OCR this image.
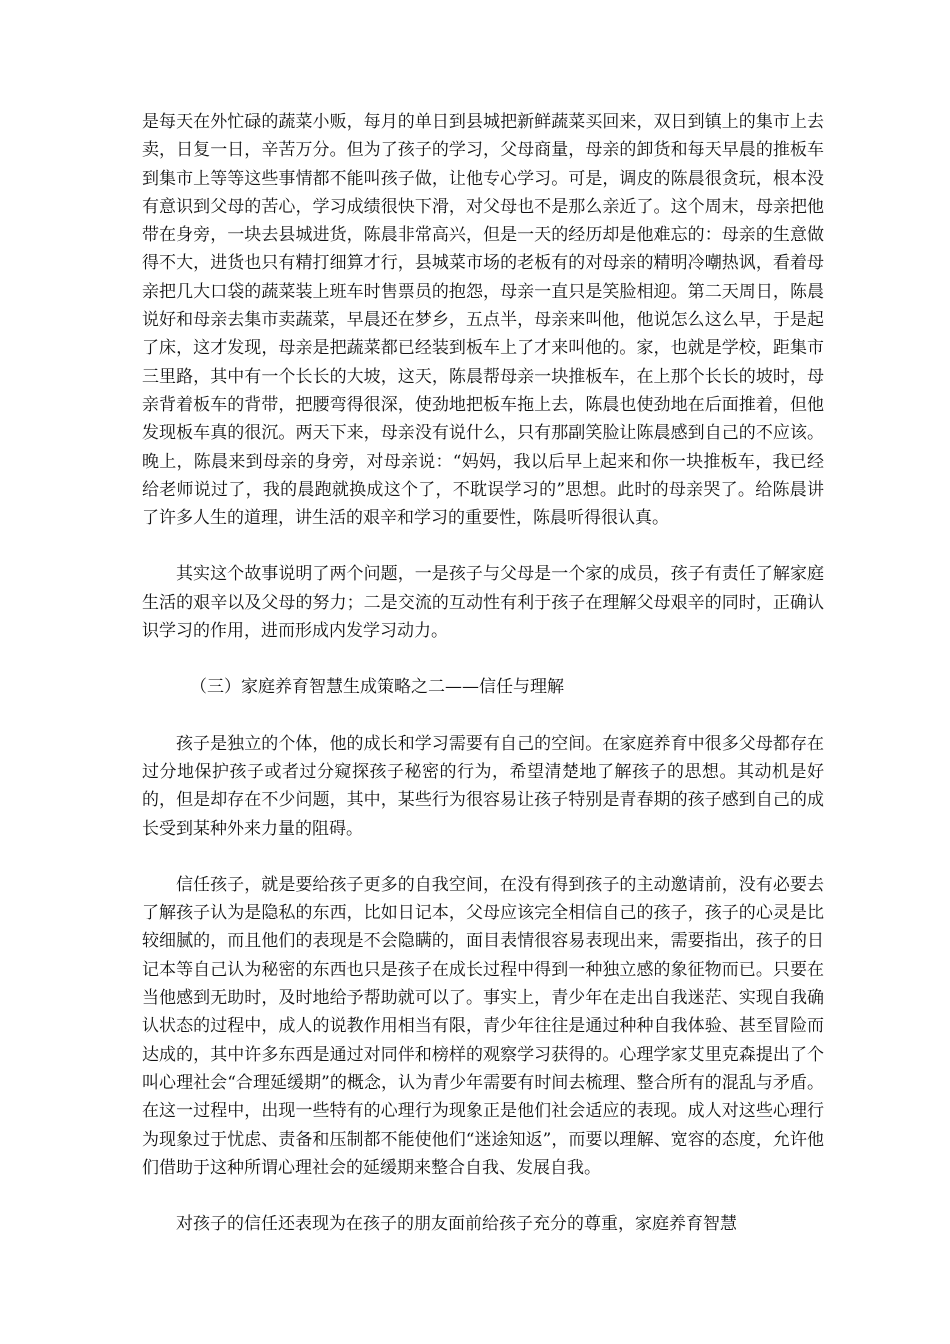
是每天在外忙碌的蔬菜小贩，每月的单日到县城把新鲜蔬菜买回来，双日到镇上的集市上去卖，日复一日，辛苦万分。但为了孩子的学习，父母商量，母亲的卸货和每天早晨的推板车到集市上等等这些事情都不能叫孩子做，让他专心学习。可是，调皮的陈晨很贪玩，根本没有意识到父母的苦心，学习成绩很快下滑，对父母也不是那么亲近了。这个周末，母亲把他带在身旁，一块去县城进货，陈晨非常高兴，但是一天的经历却是他难忘的：母亲的生意做得不大，进货也只有精打细算才行，县城菜市场的老板有的对母亲的精明冷嘲热讽，看着母亲把几大口袋的蔬菜装上班车时售票员的抱怨，母亲一直只是笑脸相迎。第二天周日，陈晨说好和母亲去集市卖蔬菜，早晨还在梦乡，五点半，母亲来叫他，他说怎么这么早，于是起了床，这才发现，母亲是把蔬菜都已经装到板车上了才来叫他的。家，也就是学校，距集市三里路，其中有一个长长的大坡，这天，陈晨帮母亲一块推板车，在上那个长长的坡时，母亲背着板车的背带，把腰弯得很深，使劲地把板车拖上去，陈晨也使劲地在后面推着，但他发现板车真的很沉。两天下来，母亲没有说什么，只有那副笑脸让陈晨感到自己的不应该。晚上，陈晨来到母亲的身旁，对母亲说：“妈妈，我以后早上起来和你一块推板车，我已经给老师说过了，我的晨跑就换成这个了，不耽误学习的”思想。此时的母亲哭了。给陈晨讲了许多人生的道理，讲生活的艰辛和学习的重要性，陈晨听得很认真。

其实这个故事说明了两个问题，一是孩子与父母是一个家的成员，孩子有责任了解家庭生活的艰辛以及父母的努力；二是交流的互动性有利于孩子在理解父母艰辛的同时，正确认识学习的作用，进而形成内发学习动力。

（三）家庭养育智慧生成策略之二——信任与理解

孩子是独立的个体，他的成长和学习需要有自己的空间。在家庭养育中很多父母都存在过分地保护孩子或者过分窥探孩子秘密的行为，希望清楚地了解孩子的思想。其动机是好的，但是却存在不少问题，其中，某些行为很容易让孩子特别是青春期的孩子感到自己的成长受到某种外来力量的阻碍。

信任孩子，就是要给孩子更多的自我空间，在没有得到孩子的主动邀请前，没有必要去了解孩子认为是隐私的东西，比如日记本，父母应该完全相信自己的孩子，孩子的心灵是比较细腻的，而且他们的表现是不会隐瞒的，面目表情很容易表现出来，需要指出，孩子的日记本等自己认为秘密的东西也只是孩子在成长过程中得到一种独立感的象征物而已。只要在当他感到无助时，及时地给予帮助就可以了。事实上，青少年在走出自我迷茫、实现自我确认状态的过程中，成人的说教作用相当有限，青少年往往是通过种种自我体验、甚至冒险而达成的，其中许多东西是通过对同伴和榜样的观察学习获得的。心理学家艾里克森提出了个叫心理社会“合理延缓期”的概念，认为青少年需要有时间去梳理、整合所有的混乱与矛盾。在这一过程中，出现一些特有的心理行为现象正是他们社会适应的表现。成人对这些心理行为现象过于忧虑、责备和压制都不能使他们“迷途知返”，而要以理解、宽容的态度，允许他们借助于这种所谓心理社会的延缓期来整合自我、发展自我。

对孩子的信任还表现为在孩子的朋友面前给孩子充分的尊重，家庭养育智慧
